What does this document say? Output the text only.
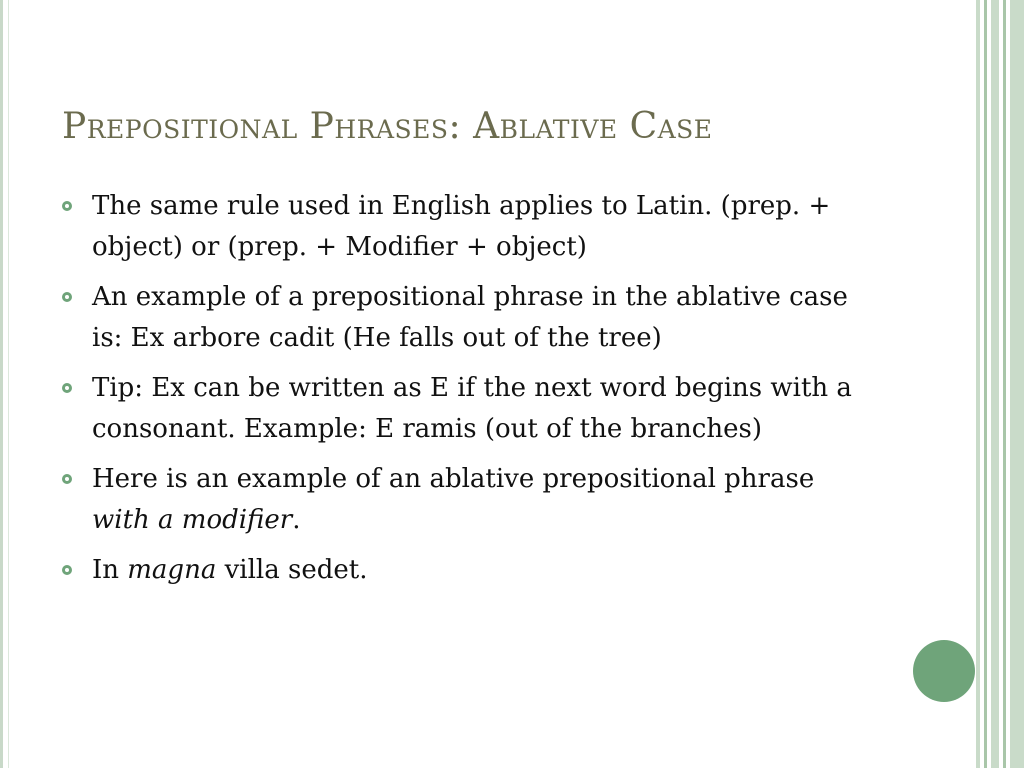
Prepositional Phrases: Ablative Case
The same rule used in English applies to Latin. (prep. + object) or (prep. + Modifier + object)
An example of a prepositional phrase in the ablative case is: Ex arbore cadit (He falls out of the tree)
Tip: Ex can be written as E if the next word begins with a consonant. Example: E ramis (out of the branches)
Here is an example of an ablative prepositional phrase with a modifier.
In magna villa sedet.
